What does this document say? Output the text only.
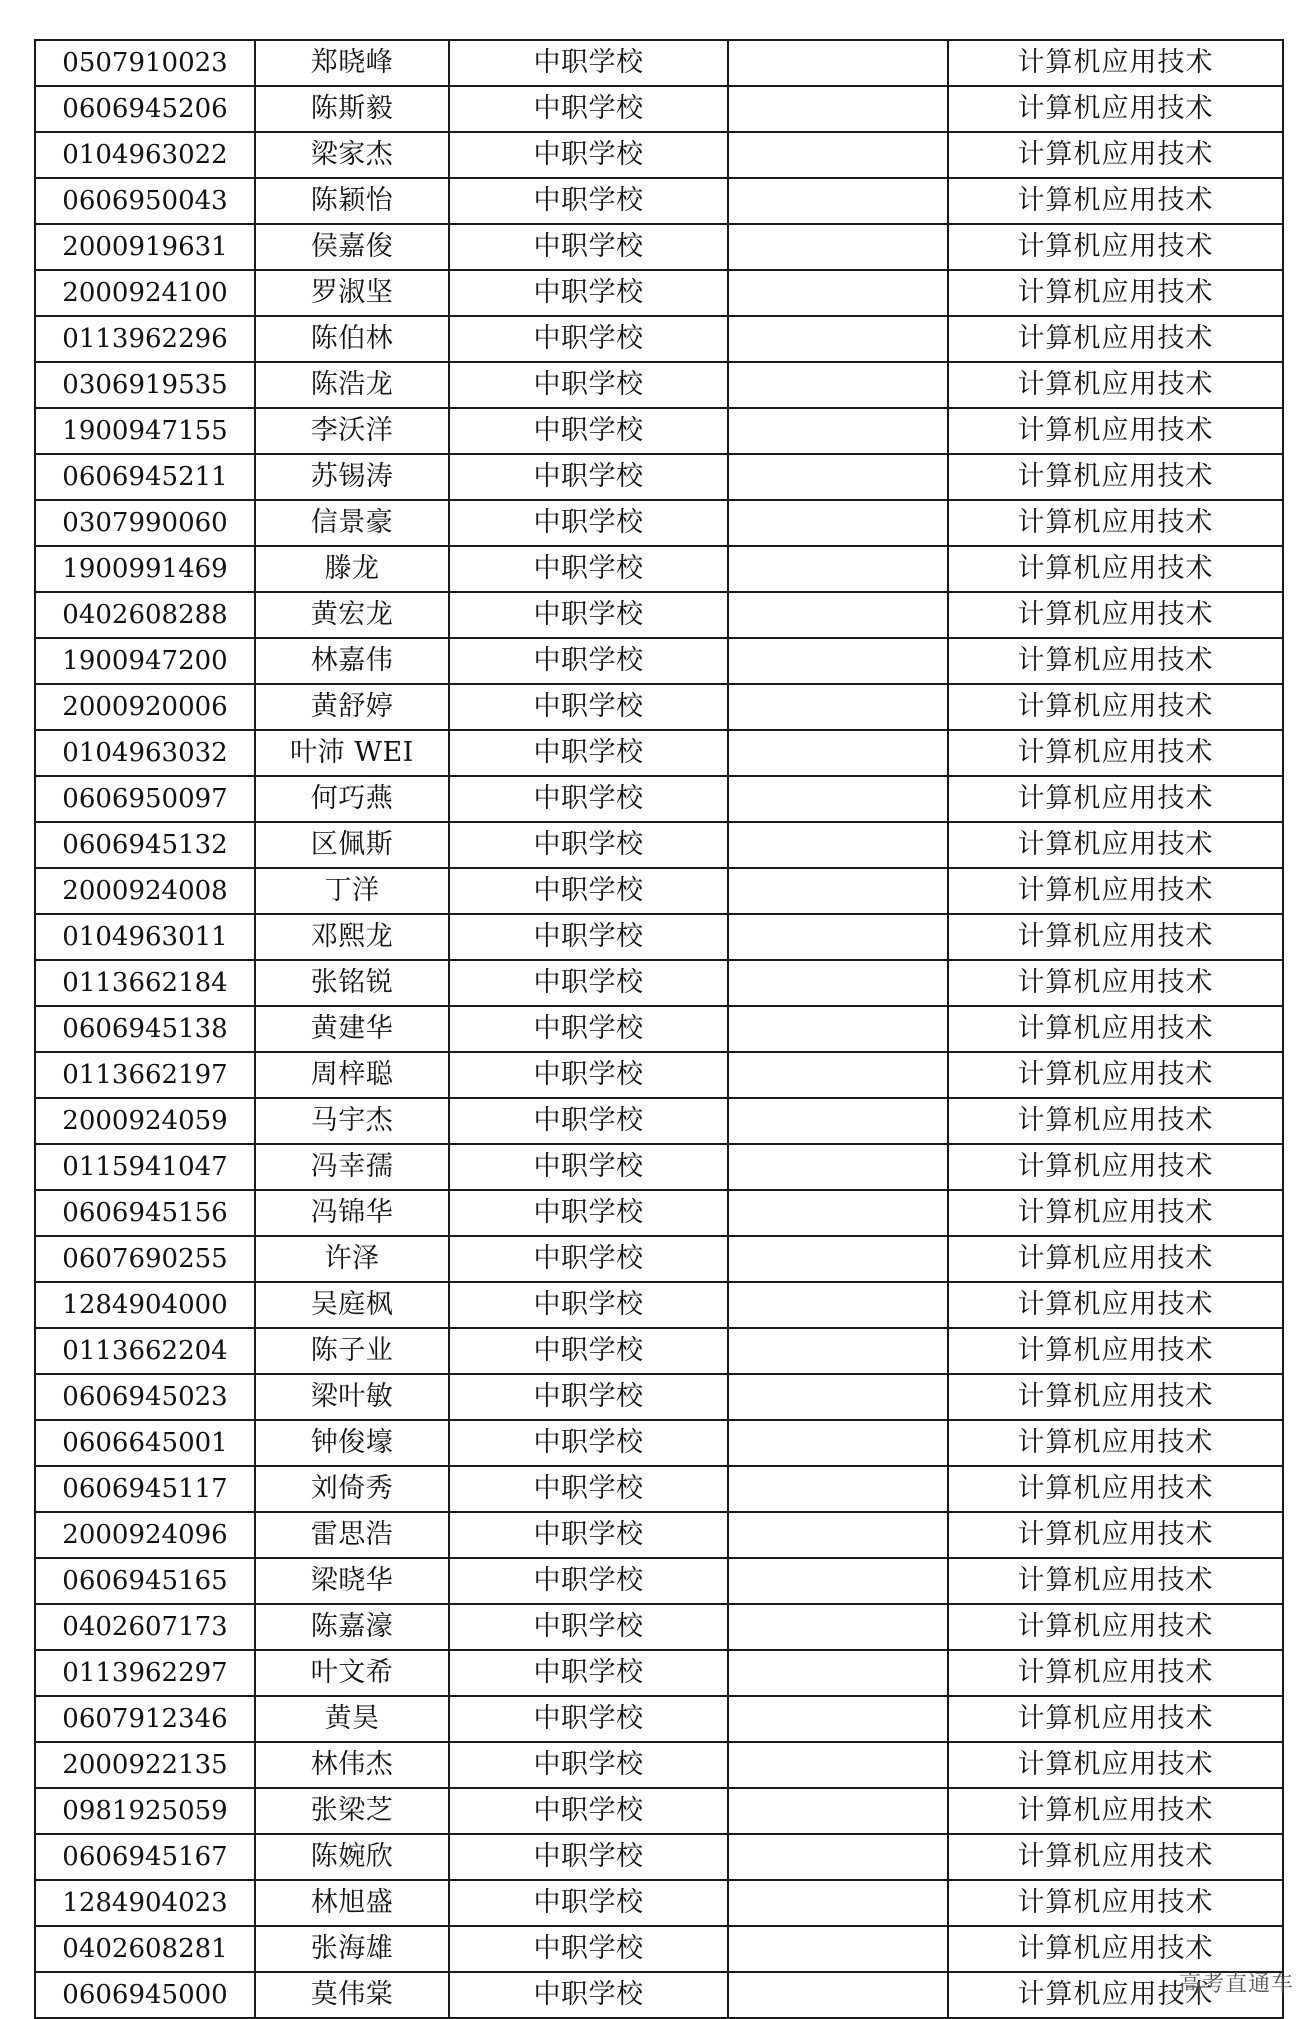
0507910023	郑晓峰	中职学校		计算机应用技术
0606945206	陈斯毅	中职学校		计算机应用技术
0104963022	梁家杰	中职学校		计算机应用技术
0606950043	陈颖怡	中职学校		计算机应用技术
2000919631	侯嘉俊	中职学校		计算机应用技术
2000924100	罗淑坚	中职学校		计算机应用技术
0113962296	陈伯林	中职学校		计算机应用技术
0306919535	陈浩龙	中职学校		计算机应用技术
1900947155	李沃洋	中职学校		计算机应用技术
0606945211	苏锡涛	中职学校		计算机应用技术
0307990060	信景豪	中职学校		计算机应用技术
1900991469	滕龙	中职学校		计算机应用技术
0402608288	黄宏龙	中职学校		计算机应用技术
1900947200	林嘉伟	中职学校		计算机应用技术
2000920006	黄舒婷	中职学校		计算机应用技术
0104963032	叶沛 WEI	中职学校		计算机应用技术
0606950097	何巧燕	中职学校		计算机应用技术
0606945132	区佩斯	中职学校		计算机应用技术
2000924008	丁洋	中职学校		计算机应用技术
0104963011	邓熙龙	中职学校		计算机应用技术
0113662184	张铭锐	中职学校		计算机应用技术
0606945138	黄建华	中职学校		计算机应用技术
0113662197	周梓聪	中职学校		计算机应用技术
2000924059	马宇杰	中职学校		计算机应用技术
0115941047	冯幸孺	中职学校		计算机应用技术
0606945156	冯锦华	中职学校		计算机应用技术
0607690255	许泽	中职学校		计算机应用技术
1284904000	吴庭枫	中职学校		计算机应用技术
0113662204	陈子业	中职学校		计算机应用技术
0606945023	梁叶敏	中职学校		计算机应用技术
0606645001	钟俊壕	中职学校		计算机应用技术
0606945117	刘倚秀	中职学校		计算机应用技术
2000924096	雷思浩	中职学校		计算机应用技术
0606945165	梁晓华	中职学校		计算机应用技术
0402607173	陈嘉濠	中职学校		计算机应用技术
0113962297	叶文希	中职学校		计算机应用技术
0607912346	黄昊	中职学校		计算机应用技术
2000922135	林伟杰	中职学校		计算机应用技术
0981925059	张梁芝	中职学校		计算机应用技术
0606945167	陈婉欣	中职学校		计算机应用技术
1284904023	林旭盛	中职学校		计算机应用技术
0402608281	张海雄	中职学校		计算机应用技术
0606945000	莫伟棠	中职学校		计算机应用技术
高考直通车
